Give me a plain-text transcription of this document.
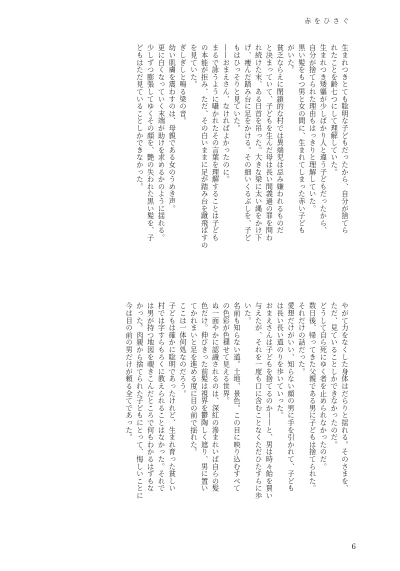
赤をひさぐ

生まれつきとても聡明な子どもだったから、自分が捨てら

れたことを齢七つにして理解していた。

生まれつき矮軀が少しばかり人と違う子どもだったから、

自分が捨てられた理由もはっきりと理解していた。

黒い髪をもつ男と女の間に、生まれてしまった赤い子ども

がいた。

貧乏ならえに閉鎖的な村では異端児は忌み嫌われるものだ

と決まっていて、子どもを生んだ母は長い間義過の罪を問わ

れ続けた末、ある日首を吊った。大きな梁に太い縄をかけ下

げ、痩んだ踏み台に足をかける。その細いくるぶしを、子ど

もはひっそりと見ていた。

——おまえさん、なければよかったのに。

まるで詠うように囁かれたその言葉を理解することは子ども

の本能が拒み、ただ、その白いままに足が踏み台を蹴飛ばすの

を見ていた。

ぎしぎしと鳴る梁の音。

幼い肌膚を震わすのは、母親である女のうめき声。

更に白くなっていく末端が助けを求めるかのように揺れる。

少しずつ膨張してゆくその顔を、艶の失われた黒い髪を、子

どもはただ見ていることしかできなかった。

やがて力をなくした身体はだらりと揺れる。そのさまを、

ただ、見ていることしかできなかったのだ。

どうして自ら死にゆく者を止められなかったのだ。

数日後、帰ってきた父親である男に子どもは捨てられた。

それだけの話だった。

愛想だけがいい、知らない顔の男に手を引かれて、子ども

は長い長い道のりを歩いていった。

おまえさんは子どもを捨てるのか——と、男は時々飴を買い

与えたが、それを一度も口に含むことなくただひたすらに歩

いた。

名前も知らない道。土地、景色。この目に映り込むすべて

の色彩が色褪せて見える世界。

ぬ一面やかに認識されるのは、深紅の滲まれいば自らの髪

色だけ。伸びきった前髪は視界を鬱陶しく遮り、男に置い

てかれまいと足を進める度に目の前で揺れた。

ここは一体何処なのだろう。

子どもは確かに聡明であったけれど、生まれ育った貧しい

村では字すらもろくに教えられることはなかった。それで

は男が持つ地図を覗きこんだところで何もわかるはずもな

かった。肉親から捨てられた子どもにとって、悔しいことに

今は目の前の男だけが頼る全てであった。

6
